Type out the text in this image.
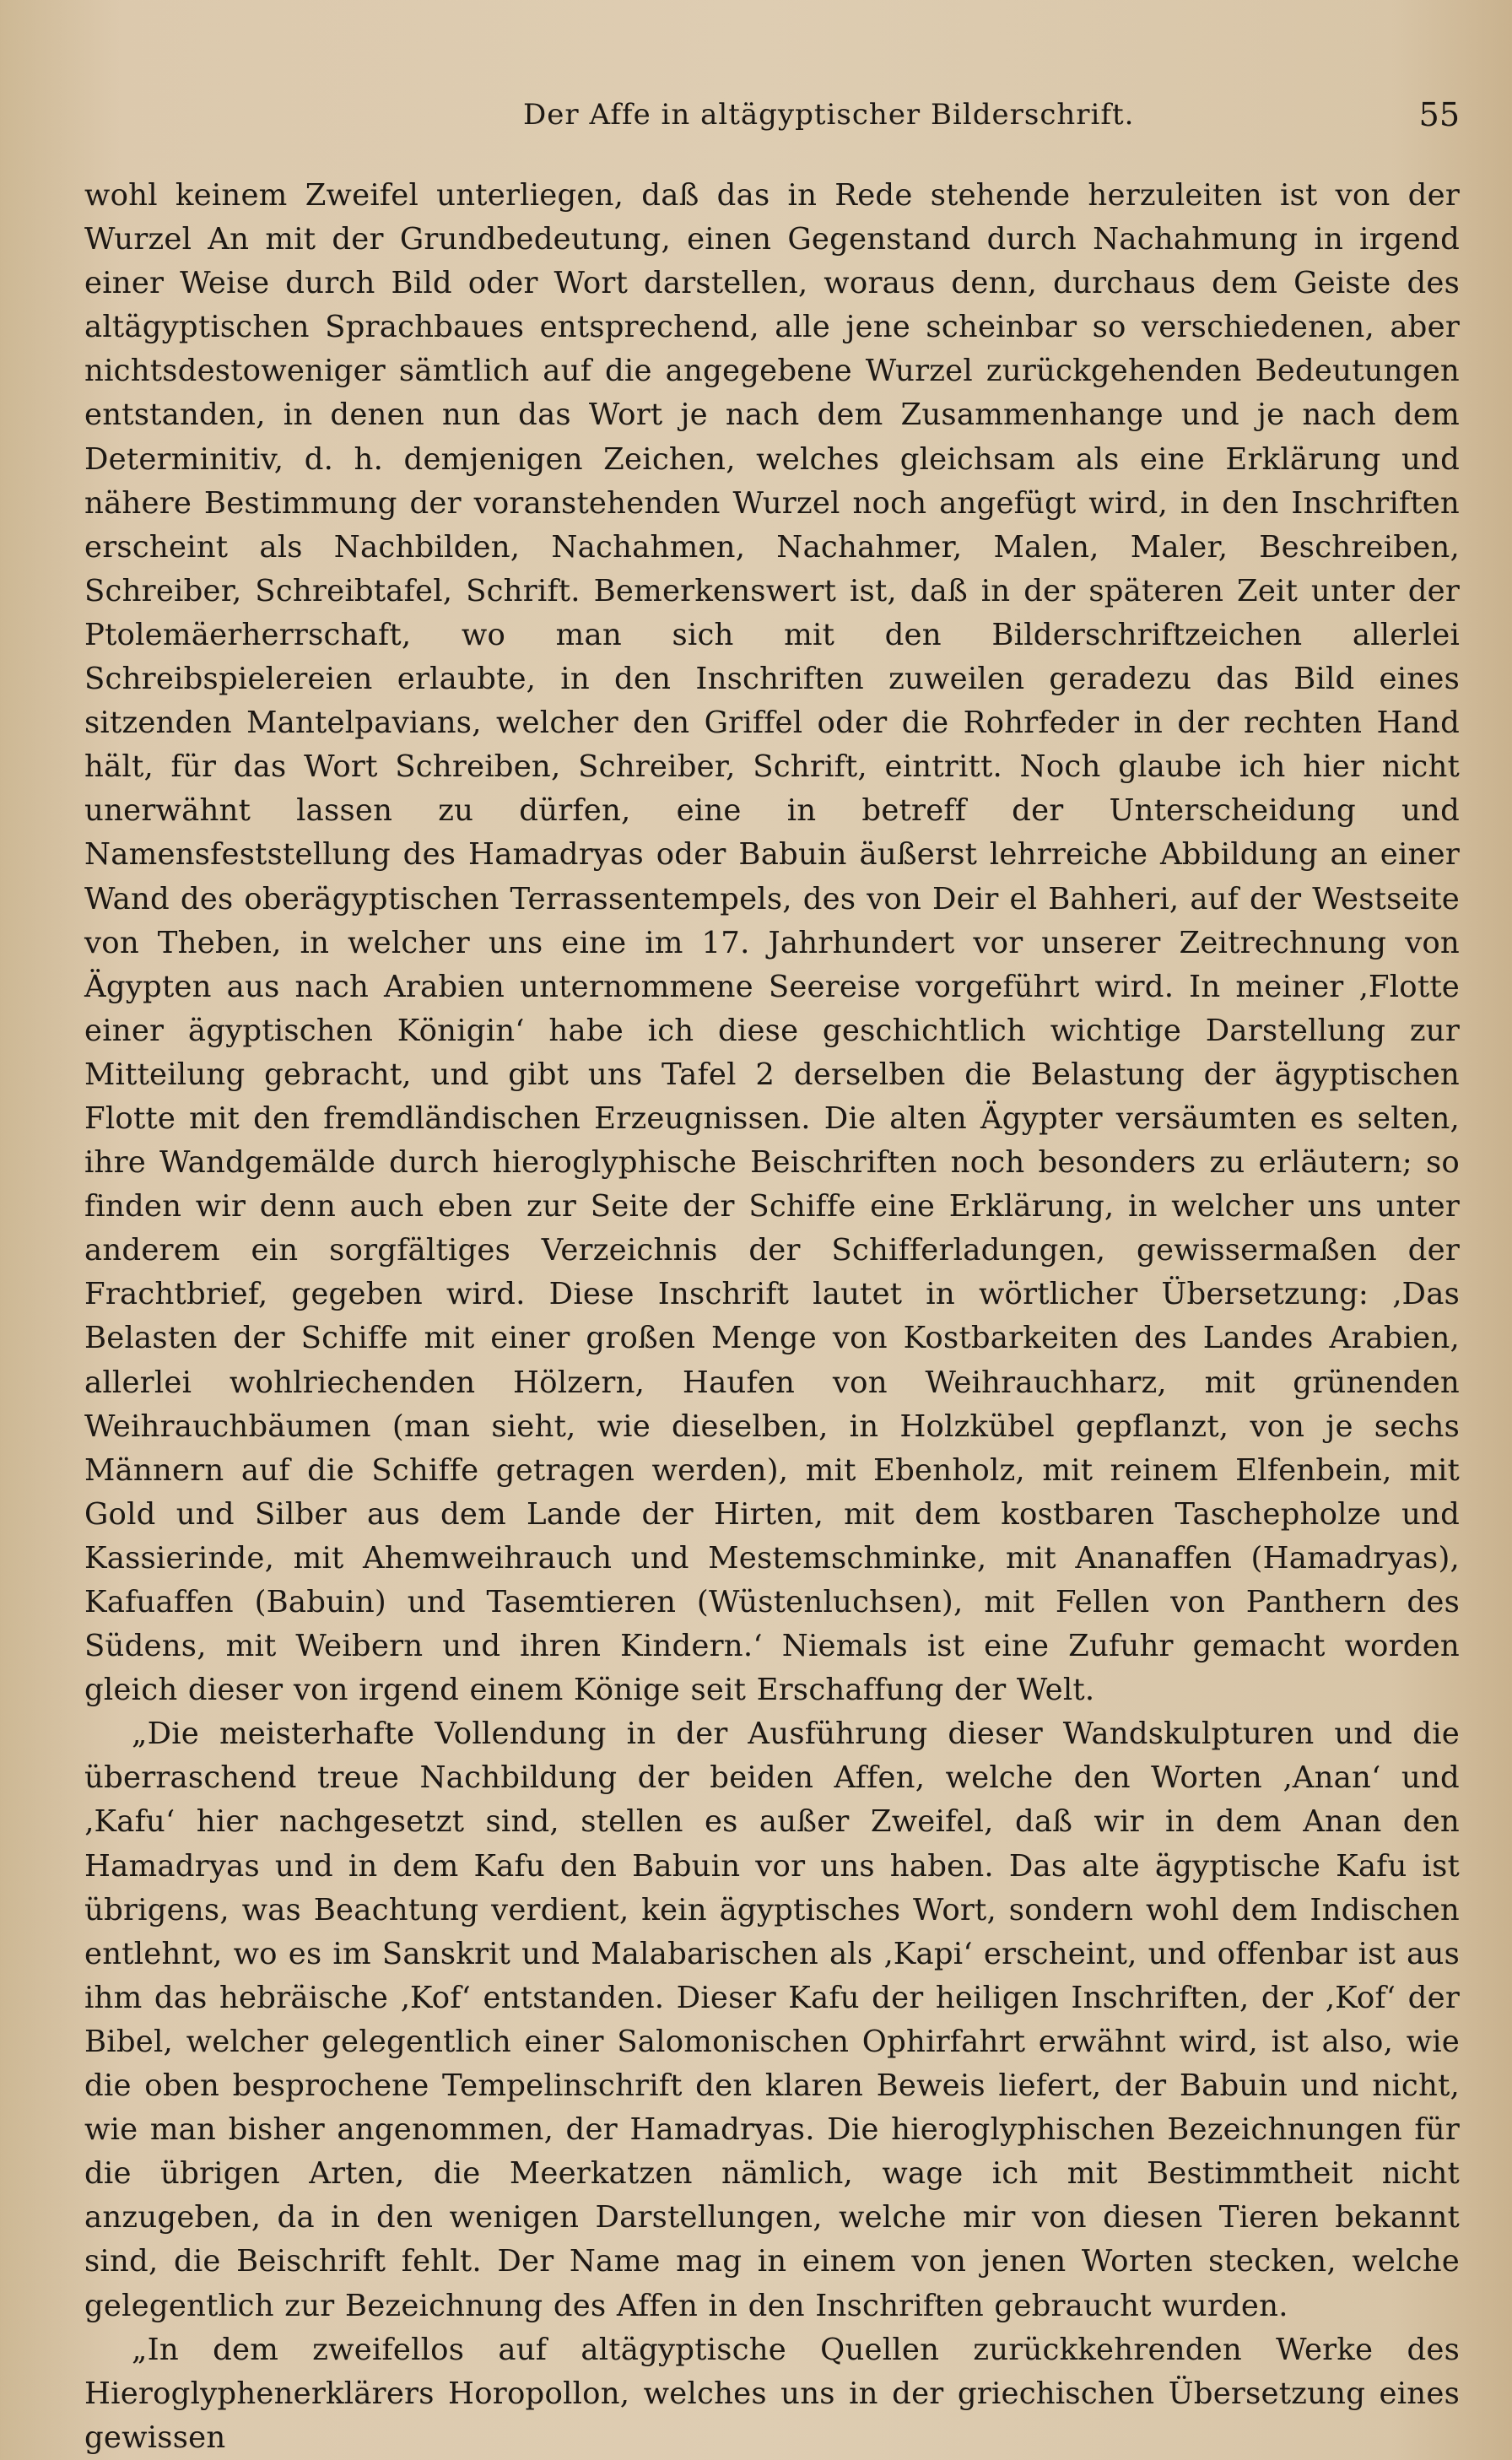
Der Affe in altägyptischer Bilderschrift.	55

wohl keinem Zweifel unterliegen, daß das in Rede stehende herzuleiten ist von der Wurzel An mit der Grundbedeutung, einen Gegenstand durch Nachahmung in irgend einer Weise durch Bild oder Wort darstellen, woraus denn, durchaus dem Geiste des altägyptischen Sprachbaues entsprechend, alle jene scheinbar so verschiedenen, aber nichtsdestoweniger sämtlich auf die angegebene Wurzel zurückgehenden Bedeutungen entstanden, in denen nun das Wort je nach dem Zusammenhange und je nach dem Determinitiv, d. h. demjenigen Zeichen, welches gleichsam als eine Erklärung und nähere Bestimmung der voranstehenden Wurzel noch angefügt wird, in den Inschriften erscheint als Nachbilden, Nachahmen, Nachahmer, Malen, Maler, Beschreiben, Schreiber, Schreibtafel, Schrift. Bemerkenswert ist, daß in der späteren Zeit unter der Ptolemäerherrschaft, wo man sich mit den Bilderschriftzeichen allerlei Schreibspielereien erlaubte, in den Inschriften zuweilen geradezu das Bild eines sitzenden Mantelpavians, welcher den Griffel oder die Rohrfeder in der rechten Hand hält, für das Wort Schreiben, Schreiber, Schrift, eintritt. Noch glaube ich hier nicht unerwähnt lassen zu dürfen, eine in betreff der Unterscheidung und Namensfeststellung des Hamadryas oder Babuin äußerst lehrreiche Abbildung an einer Wand des oberägyptischen Terrassentempels, des von Deir el Bahheri, auf der Westseite von Theben, in welcher uns eine im 17. Jahrhundert vor unserer Zeitrechnung von Ägypten aus nach Arabien unternommene Seereise vorgeführt wird. In meiner ‚Flotte einer ägyptischen Königin‘ habe ich diese geschichtlich wichtige Darstellung zur Mitteilung gebracht, und gibt uns Tafel 2 derselben die Belastung der ägyptischen Flotte mit den fremdländischen Erzeugnissen. Die alten Ägypter versäumten es selten, ihre Wandgemälde durch hieroglyphische Beischriften noch besonders zu erläutern; so finden wir denn auch eben zur Seite der Schiffe eine Erklärung, in welcher uns unter anderem ein sorgfältiges Verzeichnis der Schifferladungen, gewissermaßen der Frachtbrief, gegeben wird. Diese Inschrift lautet in wörtlicher Übersetzung: ‚Das Belasten der Schiffe mit einer großen Menge von Kostbarkeiten des Landes Arabien, allerlei wohlriechenden Hölzern, Haufen von Weihrauchharz, mit grünenden Weihrauchbäumen (man sieht, wie dieselben, in Holzkübel gepflanzt, von je sechs Männern auf die Schiffe getragen werden), mit Ebenholz, mit reinem Elfenbein, mit Gold und Silber aus dem Lande der Hirten, mit dem kostbaren Taschepholze und Kassierinde, mit Ahemweihrauch und Mestemschminke, mit Ananaffen (Hamadryas), Kafuaffen (Babuin) und Tasemtieren (Wüstenluchsen), mit Fellen von Panthern des Südens, mit Weibern und ihren Kindern.‘ Niemals ist eine Zufuhr gemacht worden gleich dieser von irgend einem Könige seit Erschaffung der Welt.

„Die meisterhafte Vollendung in der Ausführung dieser Wandskulpturen und die überraschend treue Nachbildung der beiden Affen, welche den Worten ‚Anan‘ und ‚Kafu‘ hier nachgesetzt sind, stellen es außer Zweifel, daß wir in dem Anan den Hamadryas und in dem Kafu den Babuin vor uns haben. Das alte ägyptische Kafu ist übrigens, was Beachtung verdient, kein ägyptisches Wort, sondern wohl dem Indischen entlehnt, wo es im Sanskrit und Malabarischen als ‚Kapi‘ erscheint, und offenbar ist aus ihm das hebräische ‚Kof‘ entstanden. Dieser Kafu der heiligen Inschriften, der ‚Kof‘ der Bibel, welcher gelegentlich einer Salomonischen Ophirfahrt erwähnt wird, ist also, wie die oben besprochene Tempelinschrift den klaren Beweis liefert, der Babuin und nicht, wie man bisher angenommen, der Hamadryas. Die hieroglyphischen Bezeichnungen für die übrigen Arten, die Meerkatzen nämlich, wage ich mit Bestimmtheit nicht anzugeben, da in den wenigen Darstellungen, welche mir von diesen Tieren bekannt sind, die Beischrift fehlt. Der Name mag in einem von jenen Worten stecken, welche gelegentlich zur Bezeichnung des Affen in den Inschriften gebraucht wurden.

„In dem zweifellos auf altägyptische Quellen zurückkehrenden Werke des Hieroglyphenerklärers Horopollon, welches uns in der griechischen Übersetzung eines gewissen
